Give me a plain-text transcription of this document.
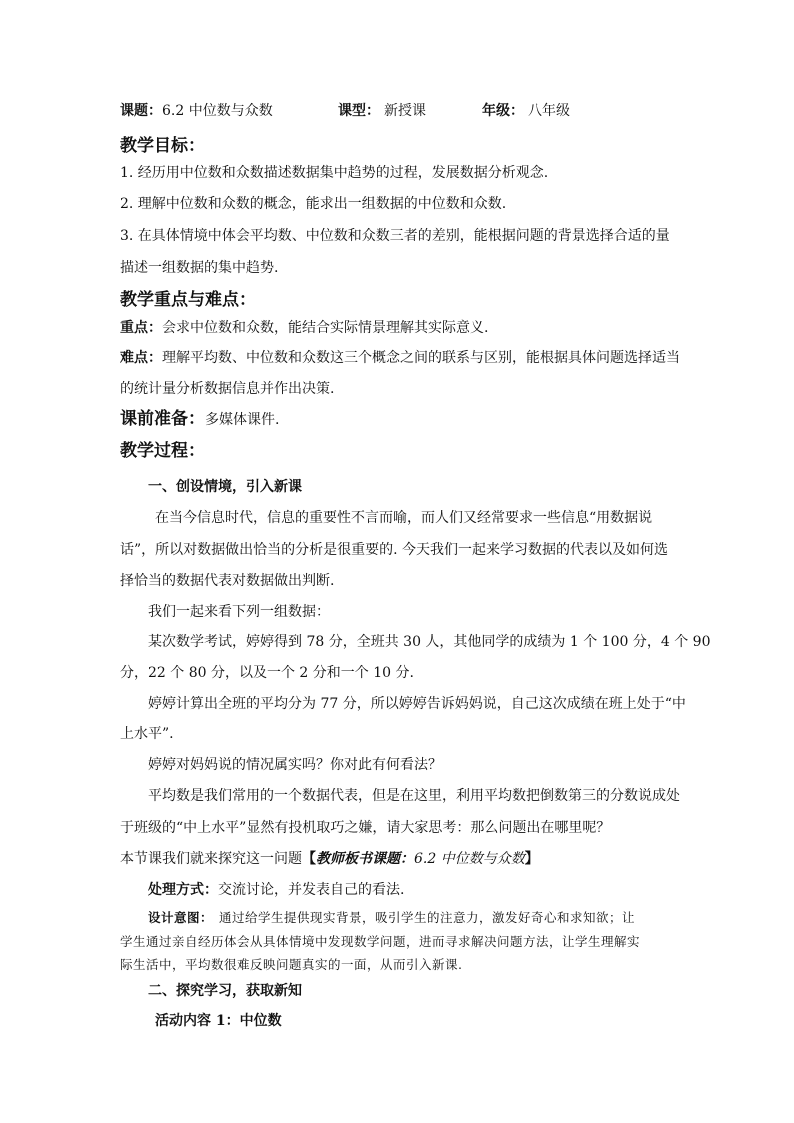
课题：6.2 中位数与众数	课型： 新授课	年级： 八年级
教学目标：
1. 经历用中位数和众数描述数据集中趋势的过程，发展数据分析观念.
2. 理解中位数和众数的概念，能求出一组数据的中位数和众数.
3. 在具体情境中体会平均数、中位数和众数三者的差别，能根据问题的背景选择合适的量
描述一组数据的集中趋势.
教学重点与难点：
重点：会求中位数和众数，能结合实际情景理解其实际意义.
难点：理解平均数、中位数和众数这三个概念之间的联系与区别，能根据具体问题选择适当
的统计量分析数据信息并作出决策.
课前准备：多媒体课件.
教学过程：
一、创设情境，引入新课
在当今信息时代，信息的重要性不言而喻，而人们又经常要求一些信息“用数据说
话”，所以对数据做出恰当的分析是很重要的. 今天我们一起来学习数据的代表以及如何选
择恰当的数据代表对数据做出判断.
我们一起来看下列一组数据：
某次数学考试，婷婷得到 78 分，全班共 30 人，其他同学的成绩为 1 个 100 分，4 个 90
分，22 个 80 分，以及一个 2 分和一个 10 分.
婷婷计算出全班的平均分为 77 分，所以婷婷告诉妈妈说，自己这次成绩在班上处于“中
上水平”.
婷婷对妈妈说的情况属实吗？你对此有何看法？
平均数是我们常用的一个数据代表，但是在这里，利用平均数把倒数第三的分数说成处
于班级的“中上水平”显然有投机取巧之嫌，请大家思考：那么问题出在哪里呢？
本节课我们就来探究这一问题【教师板书课题：6.2 中位数与众数】
处理方式：交流讨论，并发表自己的看法.
设计意图： 通过给学生提供现实背景，吸引学生的注意力，激发好奇心和求知欲；让
学生通过亲自经历体会从具体情境中发现数学问题，进而寻求解决问题方法，让学生理解实
际生活中，平均数很难反映问题真实的一面，从而引入新课.
二、探究学习，获取新知
活动内容 1：中位数
